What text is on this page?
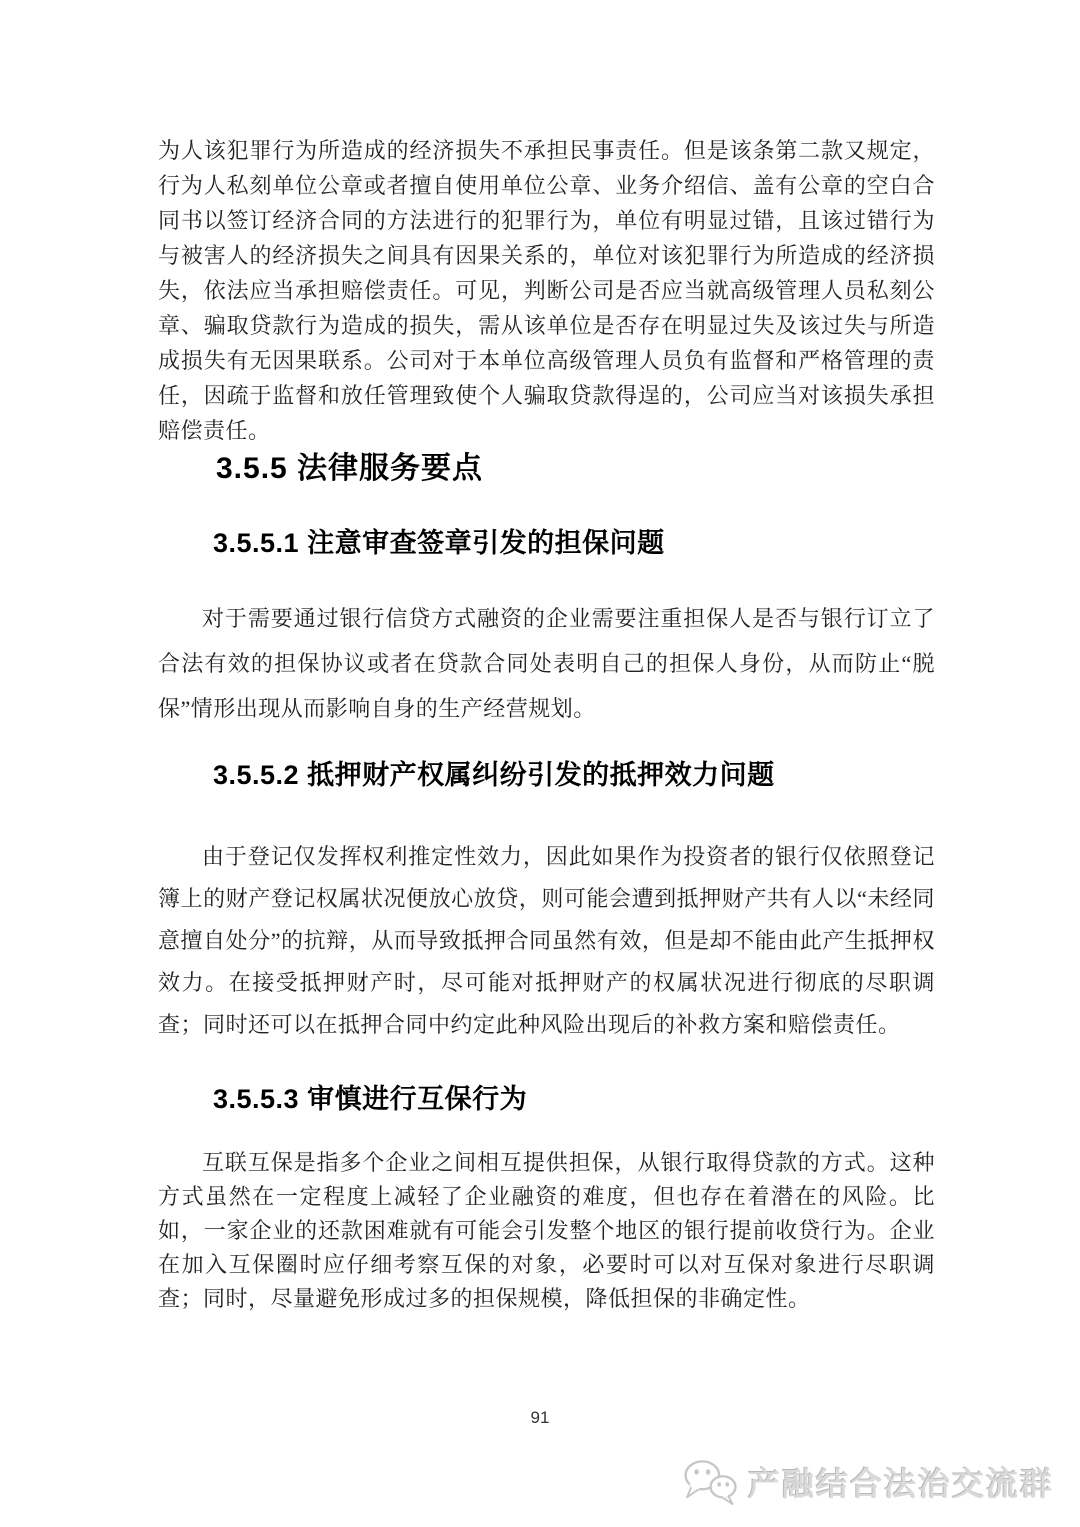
为人该犯罪行为所造成的经济损失不承担民事责任。但是该条第二款又规定，行为人私刻单位公章或者擅自使用单位公章、业务介绍信、盖有公章的空白合同书以签订经济合同的方法进行的犯罪行为，单位有明显过错，且该过错行为与被害人的经济损失之间具有因果关系的，单位对该犯罪行为所造成的经济损失，依法应当承担赔偿责任。可见，判断公司是否应当就高级管理人员私刻公章、骗取贷款行为造成的损失，需从该单位是否存在明显过失及该过失与所造成损失有无因果联系。公司对于本单位高级管理人员负有监督和严格管理的责任，因疏于监督和放任管理致使个人骗取贷款得逞的，公司应当对该损失承担赔偿责任。

3.5.5 法律服务要点
3.5.5.1 注意审查签章引发的担保问题

对于需要通过银行信贷方式融资的企业需要注重担保人是否与银行订立了合法有效的担保协议或者在贷款合同处表明自己的担保人身份，从而防止“脱保”情形出现从而影响自身的生产经营规划。

3.5.5.2 抵押财产权属纠纷引发的抵押效力问题

由于登记仅发挥权利推定性效力，因此如果作为投资者的银行仅依照登记簿上的财产登记权属状况便放心放贷，则可能会遭到抵押财产共有人以“未经同意擅自处分”的抗辩，从而导致抵押合同虽然有效，但是却不能由此产生抵押权效力。在接受抵押财产时，尽可能对抵押财产的权属状况进行彻底的尽职调查；同时还可以在抵押合同中约定此种风险出现后的补救方案和赔偿责任。

3.5.5.3 审慎进行互保行为

互联互保是指多个企业之间相互提供担保，从银行取得贷款的方式。这种方式虽然在一定程度上减轻了企业融资的难度，但也存在着潜在的风险。比如，一家企业的还款困难就有可能会引发整个地区的银行提前收贷行为。企业在加入互保圈时应仔细考察互保的对象，必要时可以对互保对象进行尽职调查；同时，尽量避免形成过多的担保规模，降低担保的非确定性。

91
产融结合法治交流群
